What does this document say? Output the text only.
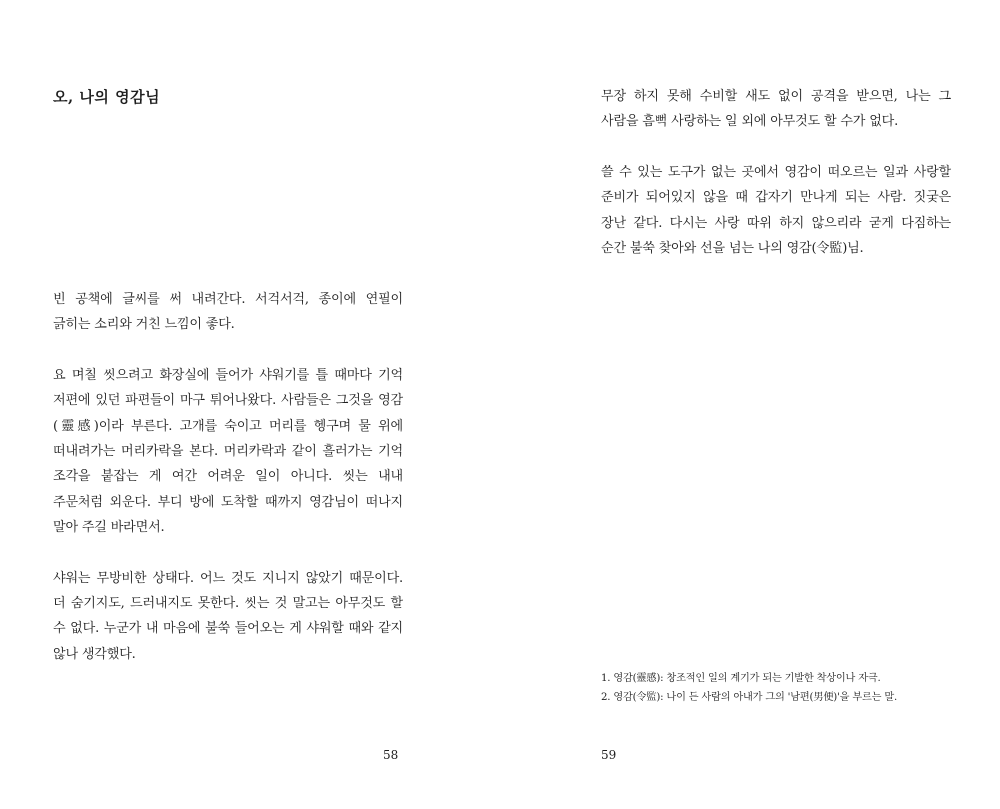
오, 나의 영감님

빈 공책에 글씨를 써 내려간다. 서걱서걱, 종이에 연필이 긁히는 소리와 거친 느낌이 좋다.

요 며칠 씻으려고 화장실에 들어가 샤워기를 틀 때마다 기억 저편에 있던 파편들이 마구 튀어나왔다. 사람들은 그것을 영감(靈感)이라 부른다. 고개를 숙이고 머리를 헹구며 물 위에 떠내려가는 머리카락을 본다. 머리카락과 같이 흘러가는 기억 조각을 붙잡는 게 여간 어려운 일이 아니다. 씻는 내내 주문처럼 외운다. 부디 방에 도착할 때까지 영감님이 떠나지 말아 주길 바라면서.

샤워는 무방비한 상태다. 어느 것도 지니지 않았기 때문이다. 더 숨기지도, 드러내지도 못한다. 씻는 것 말고는 아무것도 할 수 없다. 누군가 내 마음에 불쑥 들어오는 게 샤워할 때와 같지 않나 생각했다.

58

무장 하지 못해 수비할 새도 없이 공격을 받으면, 나는 그 사람을 흠뻑 사랑하는 일 외에 아무것도 할 수가 없다.

쓸 수 있는 도구가 없는 곳에서 영감이 떠오르는 일과 사랑할 준비가 되어있지 않을 때 갑자기 만나게 되는 사람. 짓궂은 장난 같다. 다시는 사랑 따위 하지 않으리라 굳게 다짐하는 순간 불쑥 찾아와 선을 넘는 나의 영감(令監)님.

1. 영감(靈感): 창조적인 일의 계기가 되는 기발한 착상이나 자극.
2. 영감(令監): 나이 든 사람의 아내가 그의 '남편(男便)'을 부르는 말.
59
